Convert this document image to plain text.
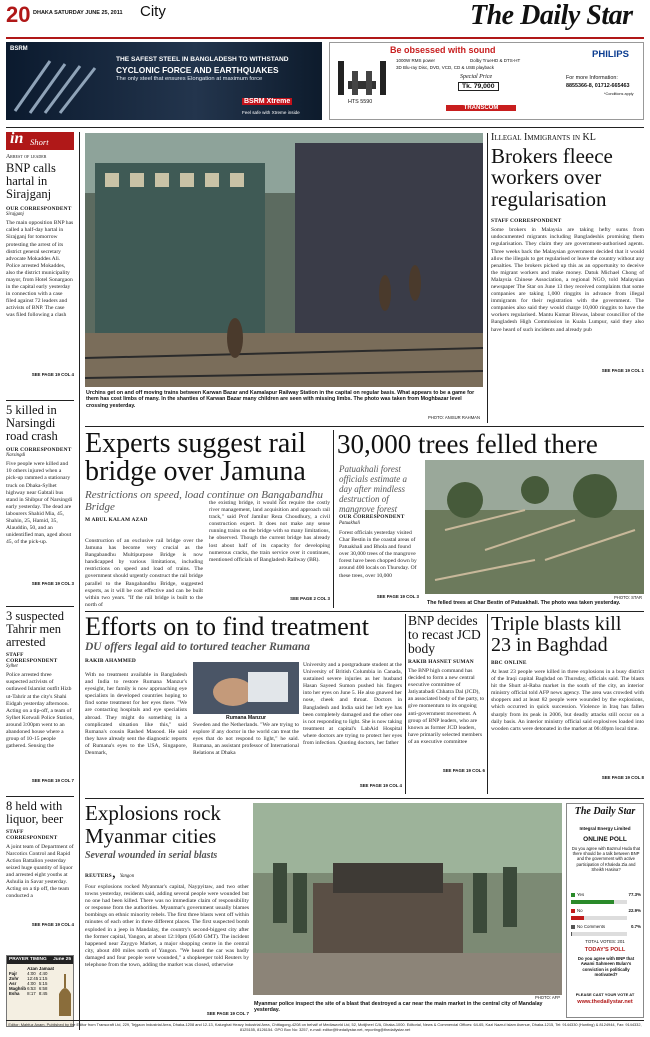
20 DHAKA SATURDAY JUNE 25, 2011 City	The Daily Star
BSRM
THE SAFEST STEEL IN BANGLADESH TO WITHSTAND
CYCLONIC FORCE AND EARTHQUAKES
The only steel that ensures Elongation at maximum force
BSRM Xtreme
Feel safe with Xtreme inside
Be obsessed with sound	PHILIPS
HTS 5590
1000W RMS power	Dolby TrueHD & DTS-HT
3D Blu-ray Disc, DVD, VCD, CD & USB playback
Special Price
Tk. 79,000
TRANSCOM
For more Information:
8855366-8, 01712-665463
*Conditions apply
in Short
Arrest of leader
BNP calls hartal in Sirajganj
OUR CORRESPONDENT
Sirajganj
The main opposition BNP has called a half-day hartal in Sirajganj for tomorrow protesting the arrest of its district general secretary advocate Mokaddes Ali. Police arrested Mokaddes, also the district municipality mayor, from Hotel Sonargaon in the capital early yesterday in connection with a case filed against 72 leaders and activists of BNP. The case was filed following a clash
SEE PAGE 19 COL 4
5 killed in Narsingdi road crash
OUR CORRESPONDENT
Narsingdi
Five people were killed and 10 others injured when a pick-up rammed a stationary truck on Dhaka-Sylhet highway near Gabtali bus stand in Shibpur of Narsingdi early yesterday. The dead are labourers Shahid Mia, 45, Shahin, 25, Hamid, 35, Alauddin, 50, and an unidentified man, aged about 45, of the pick-up.
SEE PAGE 19 COL 3
3 suspected Tahrir men arrested
STAFF CORRESPONDENT
Sylhet
Police arrested three suspected activists of outlawed Islamist outfit Hizb ut-Tahrir at the city's Shahi Eidgah yesterday afternoon. Acting on a tip-off, a team of Sylhet Kotwali Police Station, around 3:00pm went to an abandoned house where a group of 10-15 people gathered. Sensing the
SEE PAGE 19 COL 7
8 held with liquor, beer
STAFF CORRESPONDENT
A joint team of Department of Narcotics Control and Rapid Action Battalion yesterday seized huge quantity of liquor and arrested eight youths at Ashulia in Savar yesterday. Acting on a tip off, the team conducted a
SEE PAGE 19 COL 4
PRAYER TIMING June 25
	Azan	Jamaat
Fajr	4:00	4:40
Zohr	12:45	1:15
Asr	4:00	5:15
Maghrib	6:53	6:58
Esha	8:17	8:45
Urchins get on and off moving trains between Karwan Bazar and Kamalapur Railway Station in the capital on regular basis. What appears to be a game for them has cost limbs of many. In the shanties of Karwan Bazar many children are seen with missing limbs. The photo was taken from Moghbazar level crossing yesterday.
PHOTO: ANISUR RAHMAN
Illegal Immigrants in KL
Brokers fleece workers over regularisation
STAFF CORRESPONDENT
Some brokers in Malaysia are taking hefty sums from undocumented migrants including Bangladeshis promising them regularisation. They claim they are government-authorised agents. Three weeks back the Malaysian government decided that it would allow the illegals to get regularised or leave the country without any penalties. The brokers picked up this as an opportunity to deceive the migrant workers and make money. Datuk Michael Chong of Malaysia Chinese Association, a regional NGO, told Malaysian newspaper The Star on June 13 they received complaints that some companies are taking 1,000 ringgits in advance from illegal immigrants for their registration with the government. The companies also said they would charge 10,000 ringgits to have the workers regularised. Mantu Kumar Biswas, labour councillor of the Bangladesh High Commission in Kuala Lumpur, said they also have heard of such incidents and already pub
SEE PAGE 19 COL 1
Experts suggest rail bridge over Jamuna
Restrictions on speed, load continue on Bangabandhu Bridge
M ABUL KALAM AZAD
Construction of an exclusive rail bridge over the Jamuna has become very crucial as the Bangabandhu Multipurpose Bridge is now handicapped by various limitations, including restrictions on speed and load of trains. The government should urgently construct the rail bridge parallel to the Bangabandhu Bridge, suggested experts, as it will be cost effective and can be built within two years. "If the rail bridge is built to the north of
the existing bridge, it would not require the costly river management, land acquisition and approach rail track," said Prof Jamilur Reza Choudhury, a civil construction expert. It does not make any sense running trains on the bridge with so many limitations, he observed. Though the current bridge has already lost about half of its capacity for developing numerous cracks, the train service over it continues, mentioned officials of Bangladesh Railway (BR).
SEE PAGE 2 COL 3
30,000 trees felled there
Patuakhali forest officials estimate a day after mindless destruction of mangrove forest
OUR CORRESPONDENT
Patuakhali
Forest officials yesterday visited Char Bestin in the coastal areas of Patuakhali and Bhola and found over 30,000 trees of the mangrove forest have been chopped down by around 400 locals on Thursday. Of these trees, over 10,000
SEE PAGE 19 COL 3	PHOTO: STAR
The felled trees at Char Bestin of Patuakhali. The photo was taken yesterday.
Efforts on to find treatment
DU offers legal aid to tortured teacher Rumana
RAKIB AHAMMED
With no treatment available in Bangladesh and India to restore Rumana Manzur's eyesight, her family is now approaching eye specialists in developed countries hoping to find some treatment for her eyes there. "We are contacting hospitals and eye specialists abroad. They might do something in a complicated situation like this," said Rumana's cousin Rashed Masood. He said they have already sent the diagnostic reports of Rumana's eyes to the USA, Singapore, Denmark,
Rumana Manzur
Sweden and the Netherlands. "We are trying to explore if any doctor in the world can treat the eyes that do not respond to light," he said. Rumana, an assistant professor of International Relations at Dhaka
University and a postgraduate student at the University of British Columbia in Canada, sustained severe injuries as her husband Hasan Sayeed Sumon pushed his fingers into her eyes on June 5. He also gnawed her nose, cheek and throat. Doctors in Bangladesh and India said her left eye has been completely damaged and the other one is not responding to light. She is now taking treatment at capital's LabAid Hospital where doctors are trying to protect her eyes from infection. Quoting doctors, her father
SEE PAGE 19 COL 4
BNP decides to recast JCD body
RAKIB HASNET SUMAN
The BNP high command has decided to form a new central executive committee of Jatiyatabadi Chhatra Dal (JCD), an associated body of the party, to give momentum to its ongoing anti-government movement. A group of BNP leaders, who are known as former JCD leaders, have primarily selected members of an executive committee
SEE PAGE 19 COL 6
Triple blasts kill 23 in Baghdad
BBC ONLINE
At least 23 people were killed in three explosions in a busy district of the Iraqi capital Baghdad on Thursday, officials said. The blasts hit the Shurt al-Raba market in the south of the city, an interior ministry official told AFP news agency. The area was crowded with shoppers and at least 82 people were wounded by the explosions, which occurred in quick succession. Violence in Iraq has fallen sharply from its peak in 2006, but deadly attacks still occur on a daily basis. An interior ministry official said explosives loaded into wooden carts were detonated in the market at 06:40pm local time.
SEE PAGE 19 COL 8
Explosions rock Myanmar cities
Several wounded in serial blasts
REUTERS, Yangon
Four explosions rocked Myanmar's capital, Naypyitaw, and two other towns yesterday, residents said, adding several people were wounded but no one had been killed. There was no immediate claim of responsibility or response from the authorities. Myanmar's government usually blames bombings on ethnic minority rebels. The first three blasts went off within minutes of each other in three different places. The first suspected bomb exploded in a jeep in Mandalay, the country's second-biggest city after the former capital, Yangon, at about 12:10pm (0540 GMT). The incident happened near Zaygyo Market, a major shopping centre in the central city, about 400 miles north of Yangon. "We heard the car was badly damaged and four people were wounded," a shopkeeper told Reuters by telephone from the town, adding the market was closed, otherwise
SEE PAGE 19 COL 7
PHOTO: AFP
Myanmar police inspect the site of a blast that destroyed a car near the main market in the central city of Mandalay yesterday.
The Daily Star
Integral Energy Limited
ONLINE POLL
Do you agree with Bazmul Huda that there should be a talk between BNP and the government with active participation of Khaleda Zia and Sheikh Hasina?
Yes	77.3%
No	22.9%
No Comments	0.7%
TOTAL VOTES: 201
TODAY'S POLL
Do you agree with BNP that Awami Sahmeen Bulan's conviction is politically motivated?
PLEASE CAST YOUR VOTE AT
www.thedailystar.net
Editor: Mahfuz Anam. Published by the Editor from Transcraft Ltd, 229, Tejgaon Industrial Area, Dhaka-1208 and 12-13, Kalurghat Heavy Industrial Area, Chittagong-4208 on behalf of Mediaworld Ltd, 52, Motijheel C/A, Dhaka-1000. Editorial, News & Commercial Offices: 64-65, Kazi Nazrul Islam Avenue, Dhaka-1215, Tel: 9144330 (Hunting) & 8124944, Fax: 9144332, 8125155, 8126154. GPO Box No: 3257, e-mail: editor@thedailystar.net, reporting@thedailystar.net
